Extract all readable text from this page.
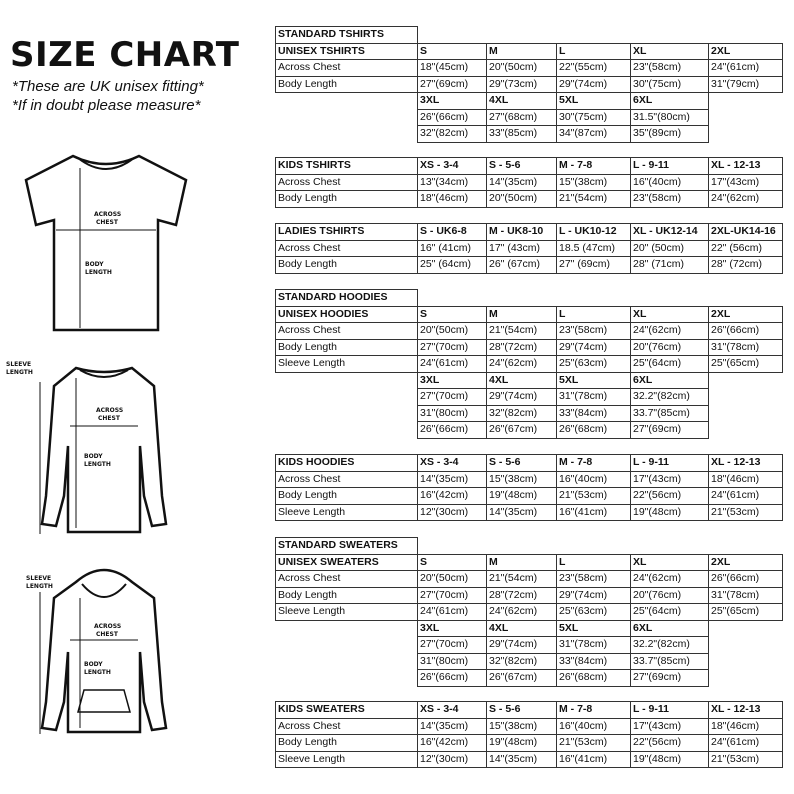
SIZE CHART
*These are UK unisex fitting*
*If in doubt please measure*
ACROSS
CHEST
BODY
LENGTH
SLEEVE
LENGTH
ACROSS
CHEST
BODY
LENGTH
SLEEVE
LENGTH
ACROSS
CHEST
BODY
LENGTH
STANDARD TSHIRTS					
UNISEX TSHIRTS	S	M	L	XL	2XL
Across Chest	18"(45cm)	20"(50cm)	22"(55cm)	23"(58cm)	24"(61cm)
Body Length	27"(69cm)	29"(73cm)	29"(74cm)	30"(75cm)	31"(79cm)
	3XL	4XL	5XL	6XL	
	26"(66cm)	27"(68cm)	30"(75cm)	31.5"(80cm)	
	32"(82cm)	33"(85cm)	34"(87cm)	35"(89cm)	
KIDS TSHIRTS	XS - 3-4	S - 5-6	M - 7-8	L - 9-11	XL - 12-13
Across Chest	13"(34cm)	14"(35cm)	15"(38cm)	16"(40cm)	17"(43cm)
Body Length	18"(46cm)	20"(50cm)	21"(54cm)	23"(58cm)	24"(62cm)
LADIES TSHIRTS	S - UK6-8	M - UK8-10	L - UK10-12	XL - UK12-14	2XL-UK14-16
Across Chest	16" (41cm)	17" (43cm)	18.5 (47cm)	20" (50cm)	22" (56cm)
Body Length	25" (64cm)	26" (67cm)	27" (69cm)	28" (71cm)	28" (72cm)
STANDARD HOODIES					
UNISEX HOODIES	S	M	L	XL	2XL
Across Chest	20"(50cm)	21"(54cm)	23"(58cm)	24"(62cm)	26"(66cm)
Body Length	27"(70cm)	28"(72cm)	29"(74cm)	20"(76cm)	31"(78cm)
Sleeve Length	24"(61cm)	24"(62cm)	25"(63cm)	25"(64cm)	25"(65cm)
	3XL	4XL	5XL	6XL	
	27"(70cm)	29"(74cm)	31"(78cm)	32.2"(82cm)	
	31"(80cm)	32"(82cm)	33"(84cm)	33.7"(85cm)	
	26"(66cm)	26"(67cm)	26"(68cm)	27"(69cm)	
KIDS HOODIES	XS - 3-4	S - 5-6	M - 7-8	L - 9-11	XL - 12-13
Across Chest	14"(35cm)	15"(38cm)	16"(40cm)	17"(43cm)	18"(46cm)
Body Length	16"(42cm)	19"(48cm)	21"(53cm)	22"(56cm)	24"(61cm)
Sleeve Length	12"(30cm)	14"(35cm)	16"(41cm)	19"(48cm)	21"(53cm)
STANDARD SWEATERS					
UNISEX SWEATERS	S	M	L	XL	2XL
Across Chest	20"(50cm)	21"(54cm)	23"(58cm)	24"(62cm)	26"(66cm)
Body Length	27"(70cm)	28"(72cm)	29"(74cm)	20"(76cm)	31"(78cm)
Sleeve Length	24"(61cm)	24"(62cm)	25"(63cm)	25"(64cm)	25"(65cm)
	3XL	4XL	5XL	6XL	
	27"(70cm)	29"(74cm)	31"(78cm)	32.2"(82cm)	
	31"(80cm)	32"(82cm)	33"(84cm)	33.7"(85cm)	
	26"(66cm)	26"(67cm)	26"(68cm)	27"(69cm)	
KIDS SWEATERS	XS - 3-4	S - 5-6	M - 7-8	L - 9-11	XL - 12-13
Across Chest	14"(35cm)	15"(38cm)	16"(40cm)	17"(43cm)	18"(46cm)
Body Length	16"(42cm)	19"(48cm)	21"(53cm)	22"(56cm)	24"(61cm)
Sleeve Length	12"(30cm)	14"(35cm)	16"(41cm)	19"(48cm)	21"(53cm)
